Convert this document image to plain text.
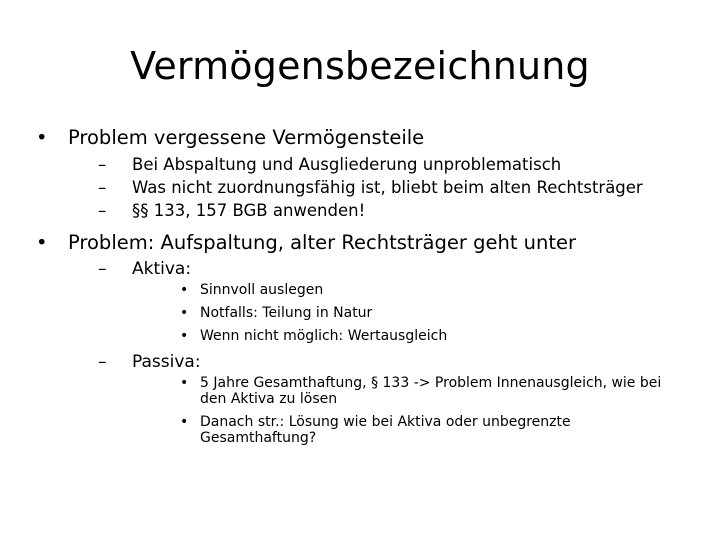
Vermögensbezeichnung
•	Problem vergessene Vermögensteile
– Bei Abspaltung und Ausgliederung unproblematisch
– Was nicht zuordnungsfähig ist, bliebt beim alten Rechtsträger
– §§ 133, 157 BGB anwenden!
•	Problem: Aufspaltung, alter Rechtsträger geht unter
– Aktiva:
• Sinnvoll auslegen
• Notfalls: Teilung in Natur
• Wenn nicht möglich: Wertausgleich
– Passiva:
• 5 Jahre Gesamthaftung, § 133 -> Problem Innenausgleich, wie bei den Aktiva zu lösen
• Danach str.: Lösung wie bei Aktiva oder unbegrenzte Gesamthaftung?
